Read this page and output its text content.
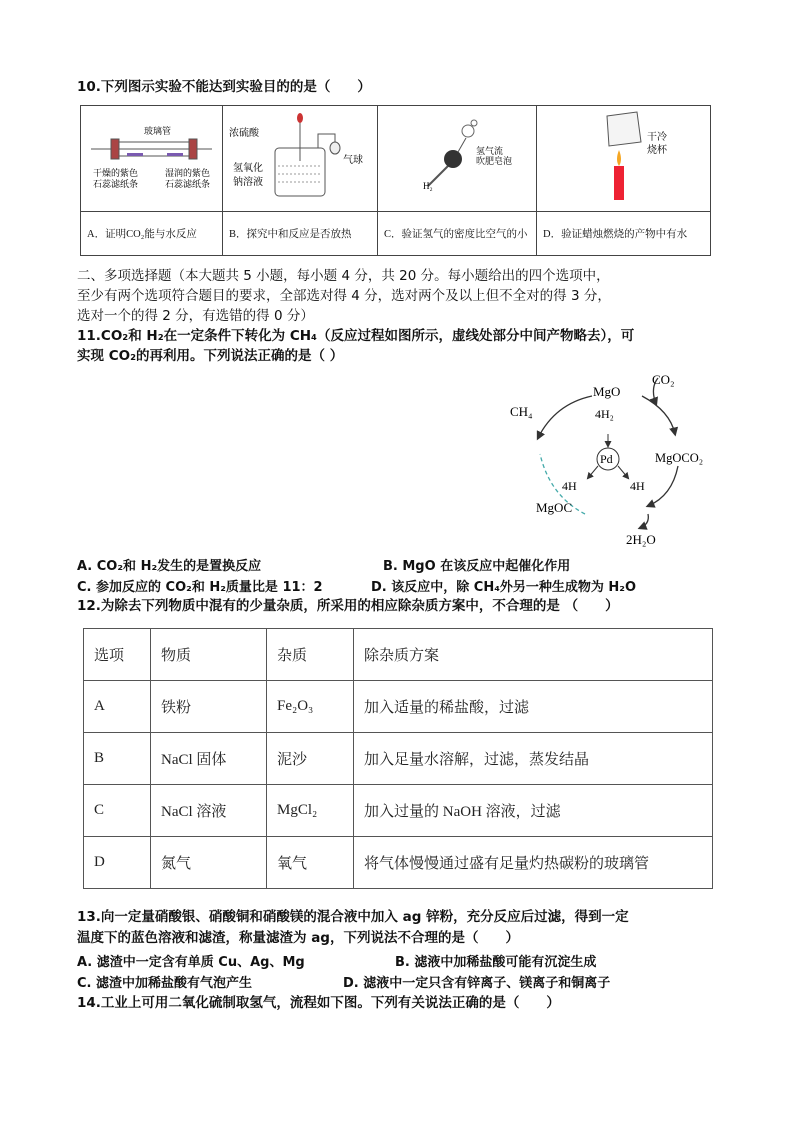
10.下列图示实验不能达到实验目的的是（　　）
玻璃管
干燥的紫色
石蕊滤纸条
湿润的紫色
石蕊滤纸条	浓硫酸
气球
氢氧化
钠溶液	H₂
氢气流
吹肥皂泡	干冷
烧杯

A．证明CO₂能与水反应	B．探究中和反应是否放热	C．验证氢气的密度比空气的小	D．验证蜡烛燃烧的产物中有水
二、多项选择题（本大题共 5 小题，每小题 4 分，共 20 分。每小题给出的四个选项中，
至少有两个选项符合题目的要求，全部选对得 4 分，选对两个及以上但不全对的得 3 分，
选对一个的得 2 分，有选错的得 0 分）
11.CO₂和 H₂在一定条件下转化为 CH₄（反应过程如图所示，虚线处部分中间产物略去），可
实现 CO₂的再利用。下列说法正确的是（ ）
MgO
CO₂
4H₂
Pd	MgOCO₂
CH₄
4H	4H
MgOC
2H₂O
A. CO₂和 H₂发生的是置换反应	B. MgO 在该反应中起催化作用
C. 参加反应的 CO₂和 H₂质量比是 11：2	D. 该反应中，除 CH₄外另一种生成物为 H₂O
12.为除去下列物质中混有的少量杂质，所采用的相应除杂质方案中，不合理的是 （　　）
选项	物质	杂质	除杂质方案
A	铁粉	Fe₂O₃	加入适量的稀盐酸，过滤
B	NaCl 固体	泥沙	加入足量水溶解，过滤，蒸发结晶
C	NaCl 溶液	MgCl₂	加入过量的 NaOH 溶液，过滤
D	氮气	氧气	将气体慢慢通过盛有足量灼热碳粉的玻璃管
13.向一定量硝酸银、硝酸铜和硝酸镁的混合液中加入 ag 锌粉，充分反应后过滤，得到一定
温度下的蓝色溶液和滤渣，称量滤渣为 ag，下列说法不合理的是（　　）
A. 滤渣中一定含有单质 Cu、Ag、Mg	B. 滤液中加稀盐酸可能有沉淀生成
C. 滤渣中加稀盐酸有气泡产生	D. 滤液中一定只含有锌离子、镁离子和铜离子
14.工业上可用二氧化硫制取氢气，流程如下图。下列有关说法正确的是（　　）
